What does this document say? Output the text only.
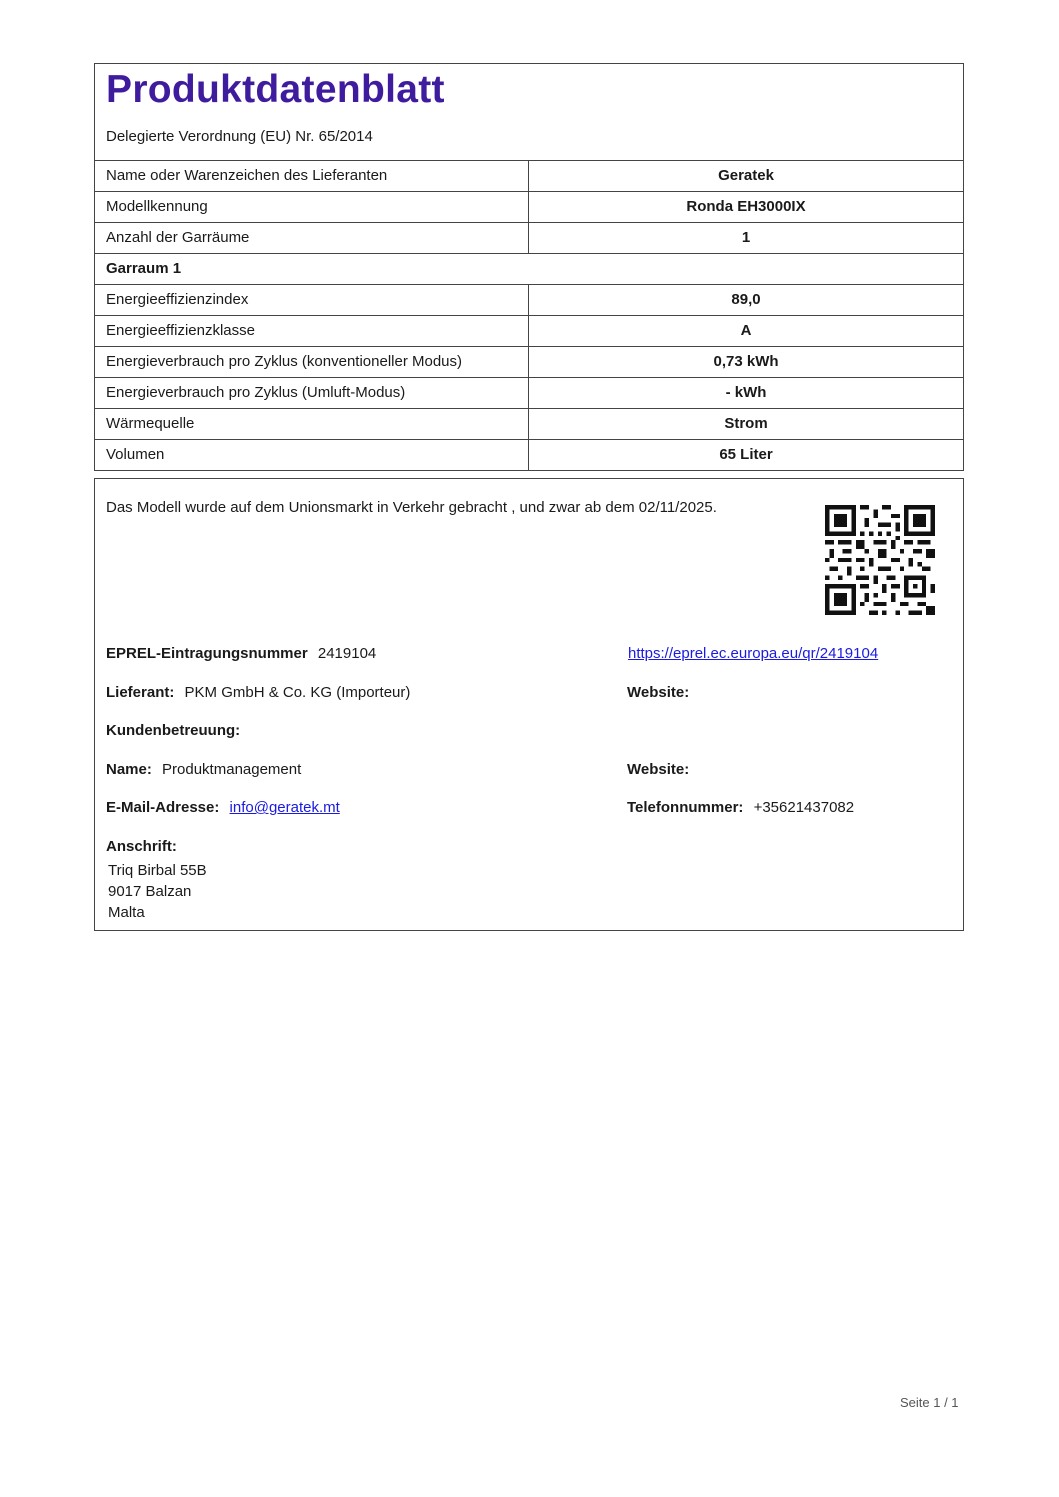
Produktdatenblatt
Delegierte Verordnung (EU) Nr. 65/2014
Name oder Warenzeichen des Lieferanten	Geratek
Modellkennung	Ronda EH3000IX
Anzahl der Garräume	1
Garraum 1
Energieeffizienzindex	89,0
Energieeffizienzklasse	A
Energieverbrauch pro Zyklus (konventioneller Modus)	0,73 kWh
Energieverbrauch pro Zyklus (Umluft-Modus)	- kWh
Wärmequelle	Strom
Volumen	65 Liter
Das Modell wurde auf dem Unionsmarkt in Verkehr gebracht , und zwar ab dem 02/11/2025.
EPREL-Eintragungsnummer 2419104	https://eprel.ec.europa.eu/qr/2419104
Lieferant: PKM GmbH & Co. KG (Importeur)	Website:
Kundenbetreuung:
Name: Produktmanagement	Website:
E-Mail-Adresse: info@geratek.mt	Telefonnummer: +35621437082
Anschrift:
Triq Birbal 55B
9017 Balzan
Malta
Seite 1 / 1
